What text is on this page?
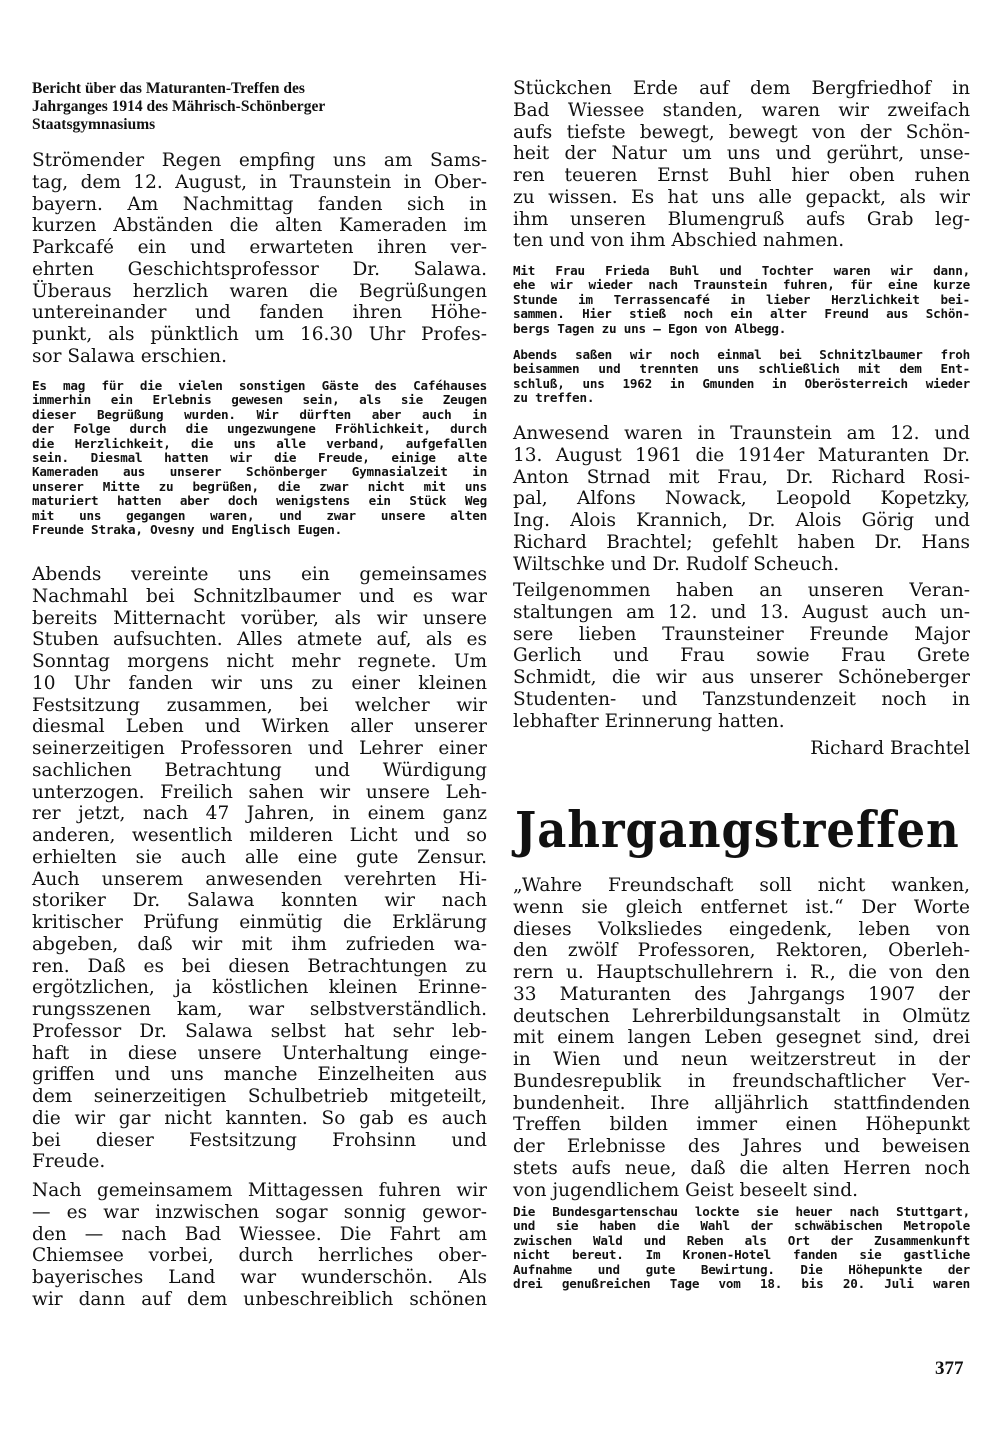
Bericht über das Maturanten-Treffen des
Jahrganges 1914 des Mährisch-Schönberger
Staatsgymnasiums
Strömender Regen empfing uns am Sams-
tag, dem 12. August, in Traunstein in Ober-
bayern. Am Nachmittag fanden sich in
kurzen Abständen die alten Kameraden im
Parkcafé ein und erwarteten ihren ver-
ehrten Geschichtsprofessor Dr. Salawa.
Überaus herzlich waren die Begrüßungen
untereinander und fanden ihren Höhe-
punkt, als pünktlich um 16.30 Uhr Profes-
sor Salawa erschien.
Es mag für die vielen sonstigen Gäste des Caféhauses
immerhin ein Erlebnis gewesen sein, als sie Zeugen
dieser Begrüßung wurden. Wir dürften aber auch in
der Folge durch die ungezwungene Fröhlichkeit, durch
die Herzlichkeit, die uns alle verband, aufgefallen
sein. Diesmal hatten wir die Freude, einige alte
Kameraden aus unserer Schönberger Gymnasialzeit in
unserer Mitte zu begrüßen, die zwar nicht mit uns
maturiert hatten aber doch wenigstens ein Stück Weg
mit uns gegangen waren, und zwar unsere alten
Freunde Straka, Ovesny und Englisch Eugen.
Abends vereinte uns ein gemeinsames
Nachmahl bei Schnitzlbaumer und es war
bereits Mitternacht vorüber, als wir unsere
Stuben aufsuchten. Alles atmete auf, als es
Sonntag morgens nicht mehr regnete. Um
10 Uhr fanden wir uns zu einer kleinen
Festsitzung zusammen, bei welcher wir
diesmal Leben und Wirken aller unserer
seinerzeitigen Professoren und Lehrer einer
sachlichen Betrachtung und Würdigung
unterzogen. Freilich sahen wir unsere Leh-
rer jetzt, nach 47 Jahren, in einem ganz
anderen, wesentlich milderen Licht und so
erhielten sie auch alle eine gute Zensur.
Auch unserem anwesenden verehrten Hi-
storiker Dr. Salawa konnten wir nach
kritischer Prüfung einmütig die Erklärung
abgeben, daß wir mit ihm zufrieden wa-
ren. Daß es bei diesen Betrachtungen zu
ergötzlichen, ja köstlichen kleinen Erinne-
rungsszenen kam, war selbstverständlich.
Professor Dr. Salawa selbst hat sehr leb-
haft in diese unsere Unterhaltung einge-
griffen und uns manche Einzelheiten aus
dem seinerzeitigen Schulbetrieb mitgeteilt,
die wir gar nicht kannten. So gab es auch
bei dieser Festsitzung Frohsinn und
Freude.
Nach gemeinsamem Mittagessen fuhren wir
— es war inzwischen sogar sonnig gewor-
den — nach Bad Wiessee. Die Fahrt am
Chiemsee vorbei, durch herrliches ober-
bayerisches Land war wunderschön. Als
wir dann auf dem unbeschreiblich schönen
Stückchen Erde auf dem Bergfriedhof in
Bad Wiessee standen, waren wir zweifach
aufs tiefste bewegt, bewegt von der Schön-
heit der Natur um uns und gerührt, unse-
ren teueren Ernst Buhl hier oben ruhen
zu wissen. Es hat uns alle gepackt, als wir
ihm unseren Blumengruß aufs Grab leg-
ten und von ihm Abschied nahmen.
Mit Frau Frieda Buhl und Tochter waren wir dann,
ehe wir wieder nach Traunstein fuhren, für eine kurze
Stunde im Terrassencafé in lieber Herzlichkeit bei-
sammen. Hier stieß noch ein alter Freund aus Schön-
bergs Tagen zu uns — Egon von Albegg.
Abends saßen wir noch einmal bei Schnitzlbaumer froh
beisammen und trennten uns schließlich mit dem Ent-
schluß, uns 1962 in Gmunden in Oberösterreich wieder
zu treffen.
Anwesend waren in Traunstein am 12. und
13. August 1961 die 1914er Maturanten Dr.
Anton Strnad mit Frau, Dr. Richard Rosi-
pal, Alfons Nowack, Leopold Kopetzky,
Ing. Alois Krannich, Dr. Alois Görig und
Richard Brachtel; gefehlt haben Dr. Hans
Wiltschke und Dr. Rudolf Scheuch.
Teilgenommen haben an unseren Veran-
staltungen am 12. und 13. August auch un-
sere lieben Traunsteiner Freunde Major
Gerlich und Frau sowie Frau Grete
Schmidt, die wir aus unserer Schöneberger
Studenten- und Tanzstundenzeit noch in
lebhafter Erinnerung hatten.
Richard Brachtel
Jahrgangstreffen
„Wahre Freundschaft soll nicht wanken,
wenn sie gleich entfernet ist.“ Der Worte
dieses Volksliedes eingedenk, leben von
den zwölf Professoren, Rektoren, Oberleh-
rern u. Hauptschullehrern i. R., die von den
33 Maturanten des Jahrgangs 1907 der
deutschen Lehrerbildungsanstalt in Olmütz
mit einem langen Leben gesegnet sind, drei
in Wien und neun weitzerstreut in der
Bundesrepublik in freundschaftlicher Ver-
bundenheit. Ihre alljährlich stattfindenden
Treffen bilden immer einen Höhepunkt
der Erlebnisse des Jahres und beweisen
stets aufs neue, daß die alten Herren noch
von jugendlichem Geist beseelt sind.
Die Bundesgartenschau lockte sie heuer nach Stuttgart,
und sie haben die Wahl der schwäbischen Metropole
zwischen Wald und Reben als Ort der Zusammenkunft
nicht bereut. Im Kronen-Hotel fanden sie gastliche
Aufnahme und gute Bewirtung. Die Höhepunkte der
drei genußreichen Tage vom 18. bis 20. Juli waren
377
